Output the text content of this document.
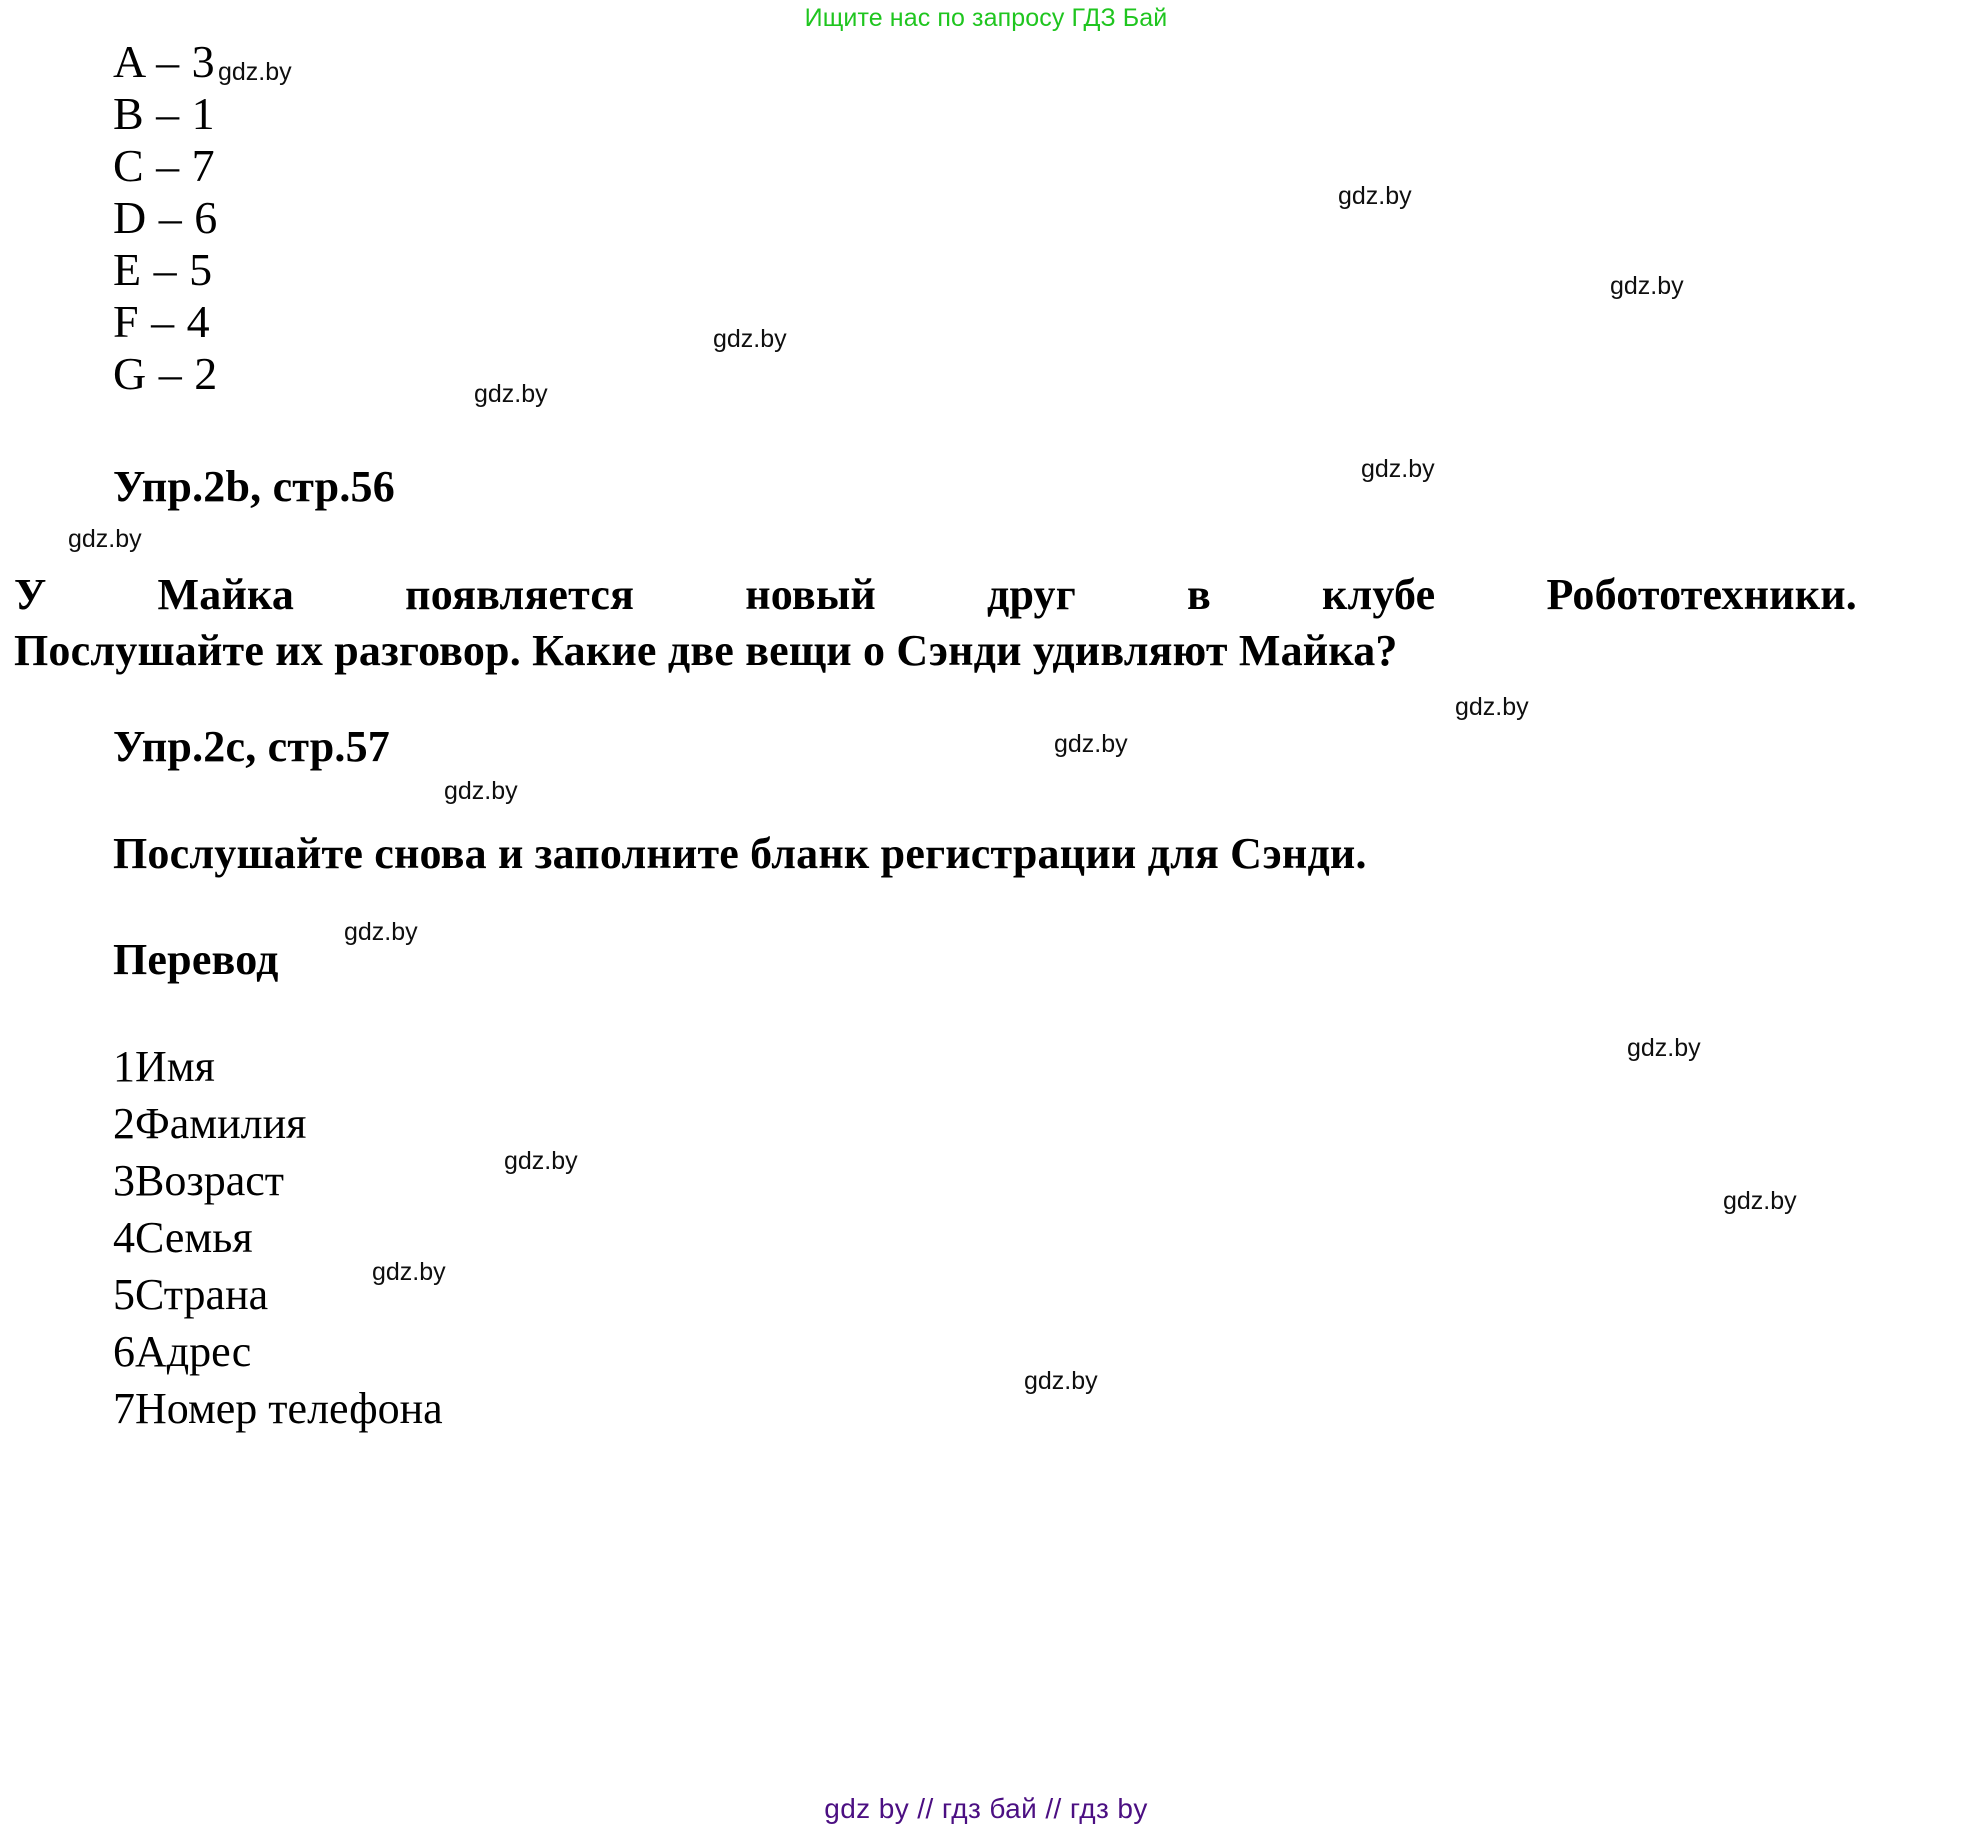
Ищите нас по запросу ГДЗ Бай
A – 3
B – 1
C – 7
D – 6
E – 5
F – 4
G – 2
Упр.2b, стр.56
У Майка появляется новый друг в клубе Робототехники.
Послушайте их разговор. Какие две вещи о Сэнди удивляют Майка?
Упр.2c, стр.57
Послушайте снова и заполните бланк регистрации для Сэнди.
Перевод
1Имя
2Фамилия
3Возраст
4Семья
5Страна
6Адрес
7Номер телефона
gdz.by
gdz.by
gdz.by
gdz.by
gdz.by
gdz.by
gdz.by
gdz.by
gdz.by
gdz.by
gdz.by
gdz.by
gdz.by
gdz.by
gdz.by
gdz.by
gdz by // гдз бай // гдз by
